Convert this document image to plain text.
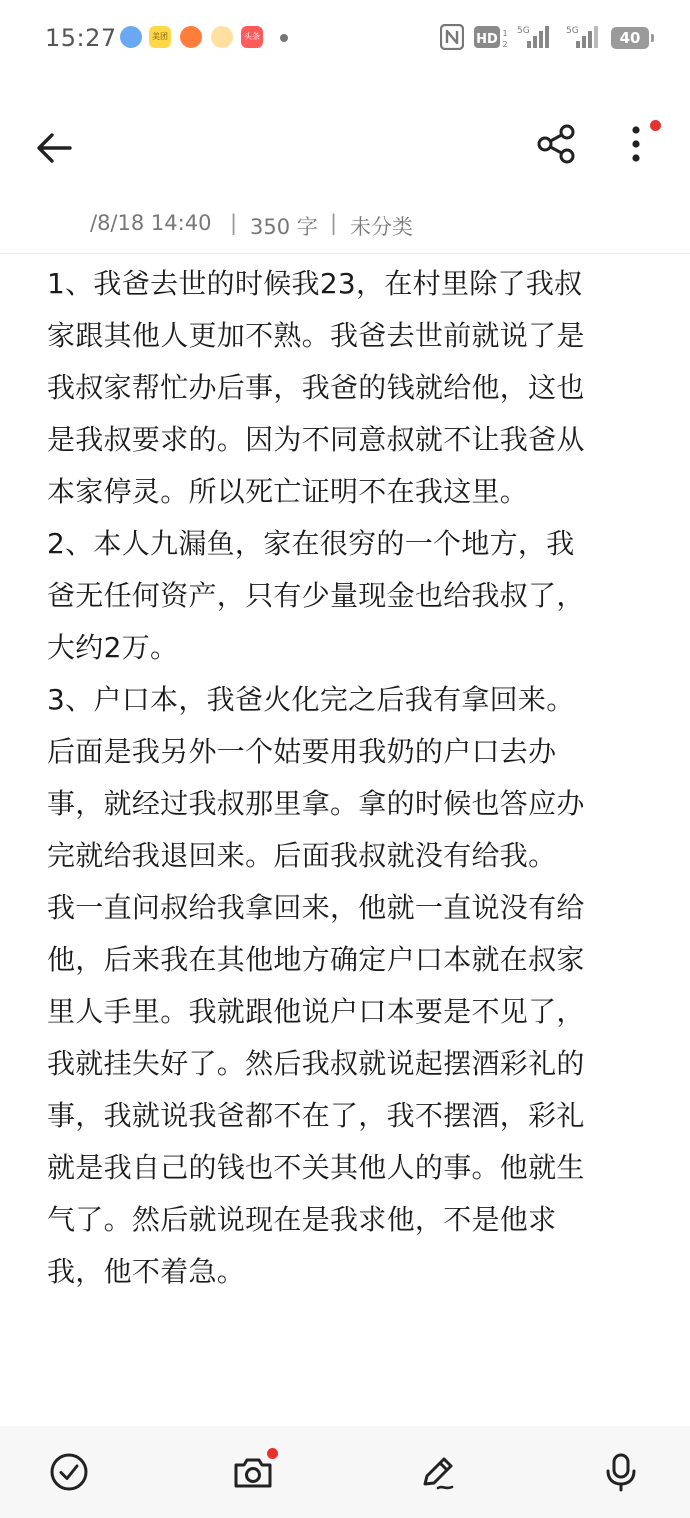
15:27	美团	头条	HD 1
2
5G	5G	40
/8/18 14:40 | 350 字 | 未分类
1、我爸去世的时候我23，在村里除了我叔
家跟其他人更加不熟。我爸去世前就说了是
我叔家帮忙办后事，我爸的钱就给他，这也
是我叔要求的。因为不同意叔就不让我爸从
本家停灵。所以死亡证明不在我这里。
2、本人九漏鱼，家在很穷的一个地方，我
爸无任何资产，只有少量现金也给我叔了，
大约2万。
3、户口本，我爸火化完之后我有拿回来。
后面是我另外一个姑要用我奶的户口去办
事，就经过我叔那里拿。拿的时候也答应办
完就给我退回来。后面我叔就没有给我。
我一直问叔给我拿回来，他就一直说没有给
他，后来我在其他地方确定户口本就在叔家
里人手里。我就跟他说户口本要是不见了，
我就挂失好了。然后我叔就说起摆酒彩礼的
事，我就说我爸都不在了，我不摆酒，彩礼
就是我自己的钱也不关其他人的事。他就生
气了。然后就说现在是我求他，不是他求
我，他不着急。
